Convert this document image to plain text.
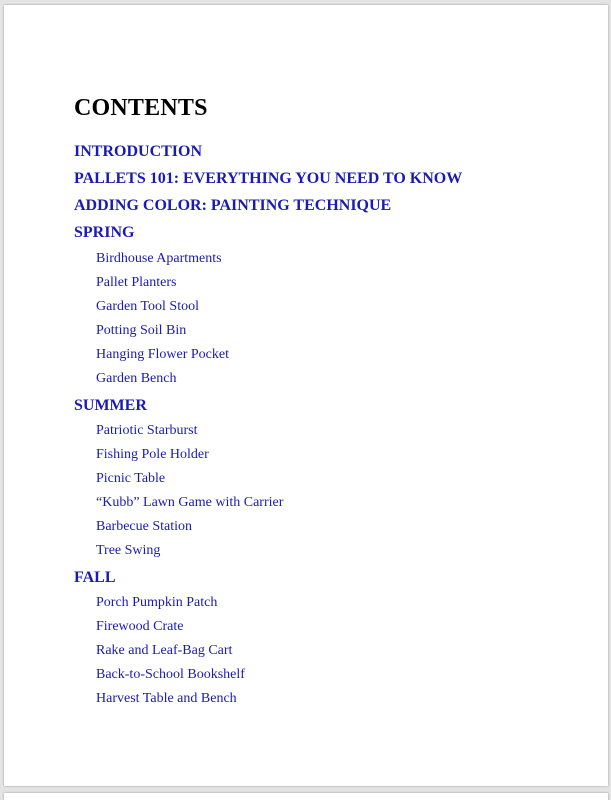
CONTENTS
INTRODUCTION
PALLETS 101: EVERYTHING YOU NEED TO KNOW
ADDING COLOR: PAINTING TECHNIQUE
SPRING
Birdhouse Apartments
Pallet Planters
Garden Tool Stool
Potting Soil Bin
Hanging Flower Pocket
Garden Bench
SUMMER
Patriotic Starburst
Fishing Pole Holder
Picnic Table
“Kubb” Lawn Game with Carrier
Barbecue Station
Tree Swing
FALL
Porch Pumpkin Patch
Firewood Crate
Rake and Leaf-Bag Cart
Back-to-School Bookshelf
Harvest Table and Bench
